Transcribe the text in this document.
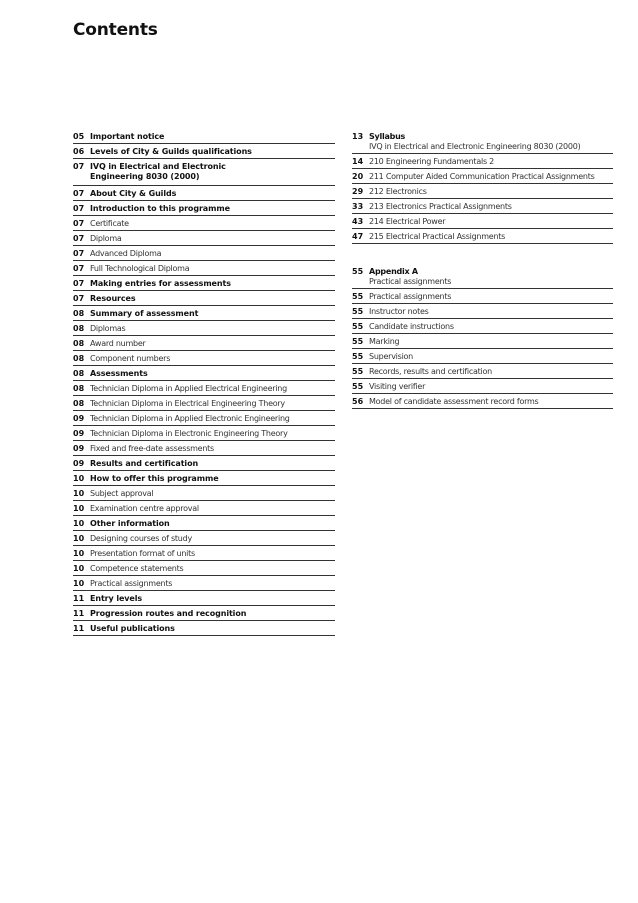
Contents
05 Important notice
06 Levels of City & Guilds qualifications
07 IVQ in Electrical and Electronic
Engineering 8030 (2000)
07 About City & Guilds
07 Introduction to this programme
07 Certificate
07 Diploma
07 Advanced Diploma
07 Full Technological Diploma
07 Making entries for assessments
07 Resources
08 Summary of assessment
08 Diplomas
08 Award number
08 Component numbers
08 Assessments
08 Technician Diploma in Applied Electrical Engineering
08 Technician Diploma in Electrical Engineering Theory
09 Technician Diploma in Applied Electronic Engineering
09 Technician Diploma in Electronic Engineering Theory
09 Fixed and free-date assessments
09 Results and certification
10 How to offer this programme
10 Subject approval
10 Examination centre approval
10 Other information
10 Designing courses of study
10 Presentation format of units
10 Competence statements
10 Practical assignments
11 Entry levels
11 Progression routes and recognition
11 Useful publications
13 Syllabus
IVQ in Electrical and Electronic Engineering 8030 (2000)
14 210 Engineering Fundamentals 2
20 211 Computer Aided Communication Practical Assignments
29 212 Electronics
33 213 Electronics Practical Assignments
43 214 Electrical Power
47 215 Electrical Practical Assignments
55 Appendix A
Practical assignments
55 Practical assignments
55 Instructor notes
55 Candidate instructions
55 Marking
55 Supervision
55 Records, results and certification
55 Visiting verifier
56 Model of candidate assessment record forms
